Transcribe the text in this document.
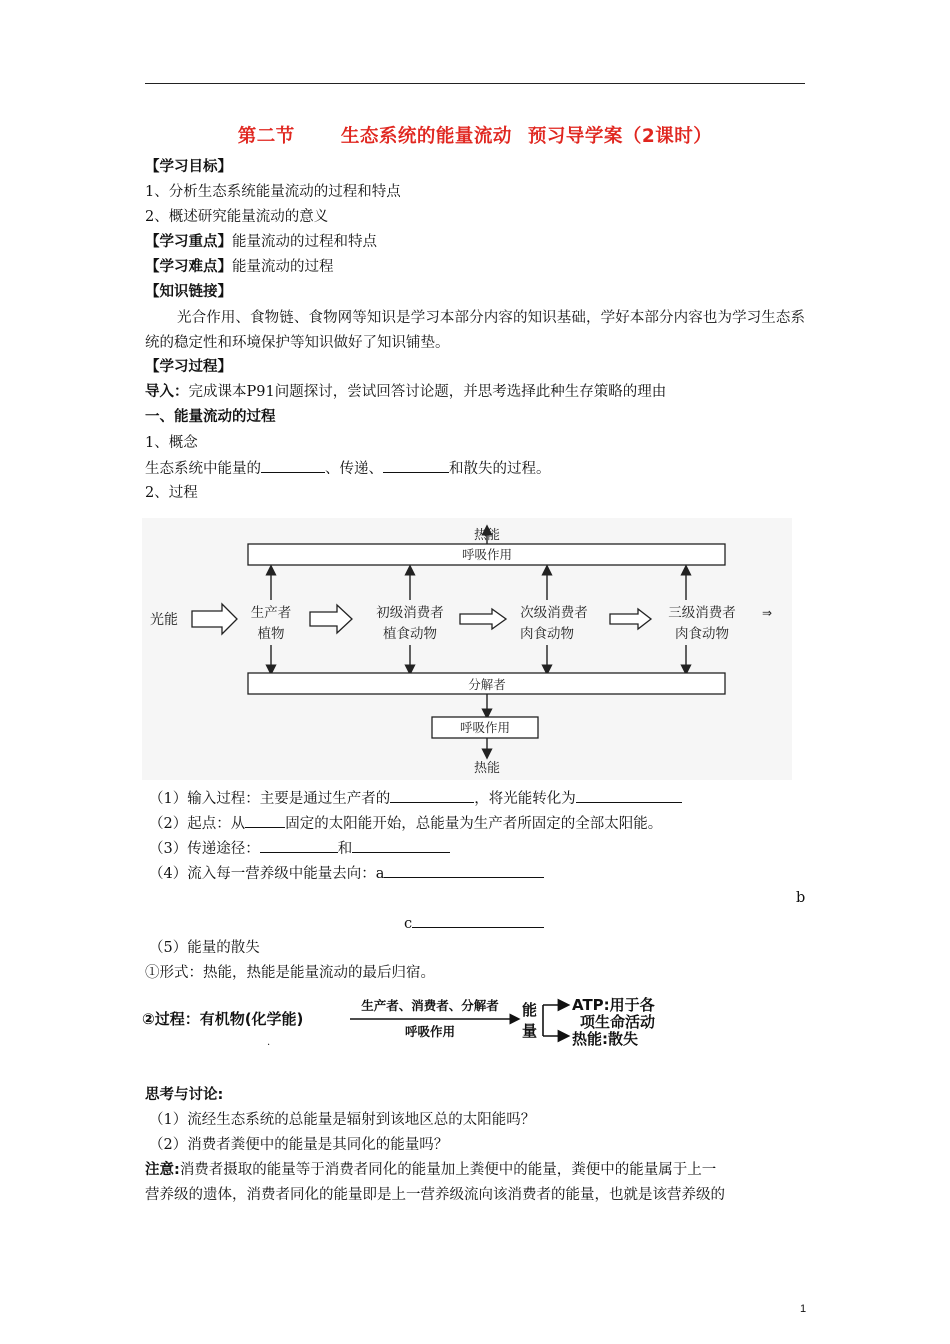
第二节 生态系统的能量流动 预习导学案（2课时）
【学习目标】
1、分析生态系统能量流动的过程和特点
2、概述研究能量流动的意义
【学习重点】能量流动的过程和特点
【学习难点】能量流动的过程
【知识链接】
光合作用、食物链、食物网等知识是学习本部分内容的知识基础，学好本部分内容也为学习生态系统的稳定性和环境保护等知识做好了知识铺垫。
【学习过程】
导入：完成课本P91问题探讨，尝试回答讨论题，并思考选择此种生存策略的理由
一、能量流动的过程
1、概念
生态系统中能量的	、传递、	和散失的过程。
2、过程
热能
呼吸作用
光能	生产者
植物
初级消费者
植食动物
次级消费者
肉食动物
三级消费者
肉食动物
⇒
分解者
呼吸作用
热能
（1）输入过程：主要是通过生产者的	，将光能转化为
（2）起点：从	固定的太阳能开始，总能量为生产者所固定的全部太阳能。
（3）传递途径：	和
（4）流入每一营养级中能量去向：a
b
c
（5）能量的散失
①形式：热能，热能是能量流动的最后归宿。
②过程：有机物(化学能)
生产者、消费者、分解者
呼吸作用
能
量
ATP:用于各
项生命活动
热能:散失
.
思考与讨论:
（1）流经生态系统的总能量是辐射到该地区总的太阳能吗？
（2）消费者粪便中的能量是其同化的能量吗？
注意:消费者摄取的能量等于消费者同化的能量加上粪便中的能量，粪便中的能量属于上一
营养级的遗体，消费者同化的能量即是上一营养级流向该消费者的能量，也就是该营养级的
1
